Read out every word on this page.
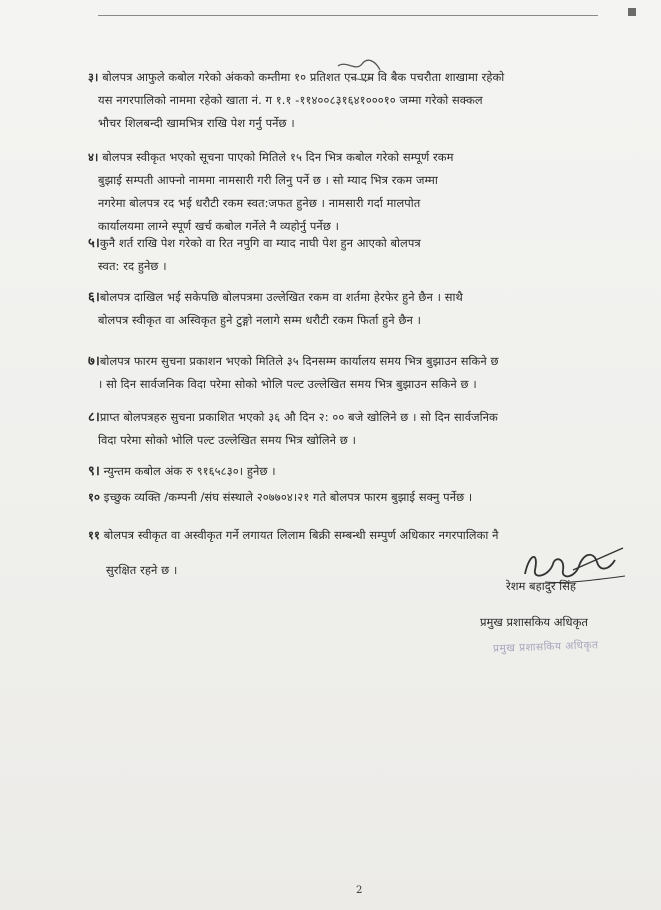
३। बोलपत्र आफुले कबोल गरेको अंकको कम्तीमा १० प्रतिशत एन एम वि बैक पचरौता शाखामा रहेको

यस नगरपालिको नाममा रहेको खाता नं. ग १.१ -११४००८३१६४१०००१० जम्मा गरेको सक्कल

भौचर शिलबन्दी खामभित्र राखि पेश गर्नु पर्नेछ ।

४। बोलपत्र स्वीकृत भएको सूचना पाएको मितिले १५ दिन भित्र कबोल गरेको सम्पूर्ण रकम

बुझाई सम्पती आफ्नो नाममा नामसारी गरी लिनु पर्ने छ । सो म्याद भित्र रकम जम्मा

नगरेमा बोलपत्र रद भई धरौटी रकम स्वत:जफत हुनेछ । नामसारी गर्दा मालपोत

कार्यालयमा लाग्ने स्पूर्ण खर्च कबोल गर्नेले नै व्यहोर्नु पर्नेछ ।

५।कुनै शर्त राखि पेश गरेको वा रित नपुगि वा म्याद नाघी पेश हुन आएको बोलपत्र

स्वत: रद हुनेछ ।

६।बोलपत्र दाखिल भई सकेपछि बोलपत्रमा उल्लेखित रकम वा शर्तमा हेरफेर हुने छैन । साथै

बोलपत्र स्वीकृत वा अस्विकृत हुने टुङ्गो नलागे सम्म धरौटी रकम फिर्ता हुने छैन ।

७।बोलपत्र फारम सुचना प्रकाशन भएको मितिले ३५ दिनसम्म कार्यालय समय भित्र बुझाउन सकिने छ

। सो दिन सार्वजनिक विदा परेमा सोको भोलि पल्ट उल्लेखित समय भित्र बुझाउन सकिने छ ।

८।प्राप्त बोलपत्रहरु सुचना प्रकाशित भएको ३६ औ दिन २: ०० बजे खोलिने छ । सो दिन सार्वजनिक

विदा परेमा सोको भोलि पल्ट उल्लेखित समय भित्र खोलिने छ ।

९। न्युन्तम कबोल अंक रु ९१६५८३०। हुनेछ ।

१० इच्छुक व्यक्ति /कम्पनी /संघ संस्थाले २०७७०४।२१ गते बोलपत्र फारम बुझाई सक्नु पर्नेछ ।

११ बोलपत्र स्वीकृत वा अस्वीकृत गर्ने लगायत लिलाम बिक्री सम्बन्धी सम्पुर्ण अधिकार नगरपालिका नै

सुरक्षित रहने छ ।

रेशम बहादुर सिंह
प्रमुख प्रशासकिय अधिकृत
प्रमुख प्रशासकिय अधिकृत
2
